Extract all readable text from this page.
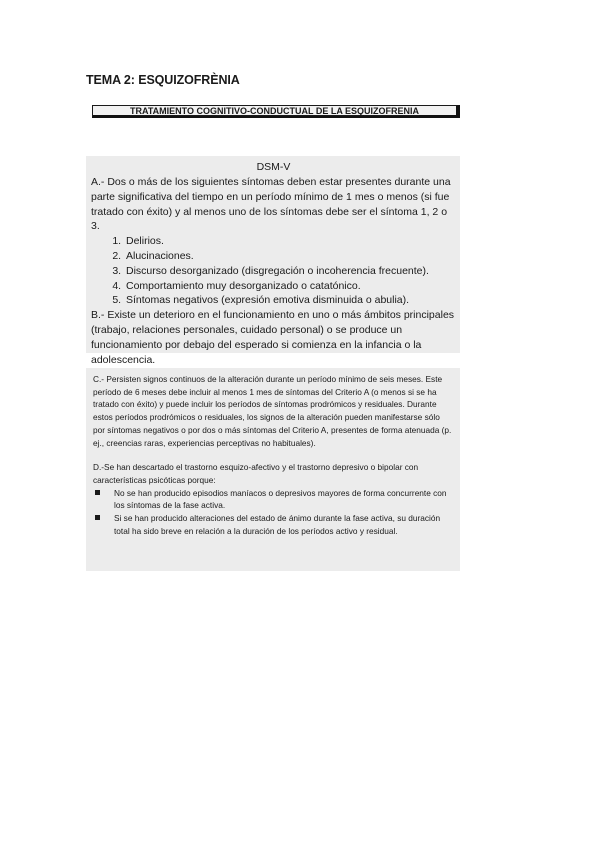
TEMA 2: ESQUIZOFRÈNIA
TRATAMIENTO COGNITIVO-CONDUCTUAL DE LA ESQUIZOFRENIA
DSM-V

A.- Dos o más de los siguientes síntomas deben estar presentes durante una parte significativa del tiempo en un período mínimo de 1 mes o menos (si fue tratado con éxito) y al menos uno de los síntomas debe ser el síntoma 1, 2 o 3.

1. Delirios.
2. Alucinaciones.
3. Discurso desorganizado (disgregación o incoherencia frecuente).
4. Comportamiento muy desorganizado o catatónico.
5. Síntomas negativos (expresión emotiva disminuida o abulia).

B.- Existe un deterioro en el funcionamiento en uno o más ámbitos principales (trabajo, relaciones personales, cuidado personal) o se produce un funcionamiento por debajo del esperado si comienza en la infancia o la adolescencia.

C.- Persisten signos continuos de la alteración durante un período mínimo de seis meses. Este período de 6 meses debe incluir al menos 1 mes de síntomas del Criterio A (o menos si se ha tratado con éxito) y puede incluir los períodos de síntomas prodrómicos y residuales. Durante estos períodos prodrómicos o residuales, los signos de la alteración pueden manifestarse sólo por síntomas negativos o por dos o más síntomas del Criterio A, presentes de forma atenuada (p. ej., creencias raras, experiencias perceptivas no habituales).

D.-Se han descartado el trastorno esquizo-afectivo y el trastorno depresivo o bipolar con características psicóticas porque:

No se han producido episodios maníacos o depresivos mayores de forma concurrente con los síntomas de la fase activa.
Si se han producido alteraciones del estado de ánimo durante la fase activa, su duración total ha sido breve en relación a la duración de los períodos activo y residual.
